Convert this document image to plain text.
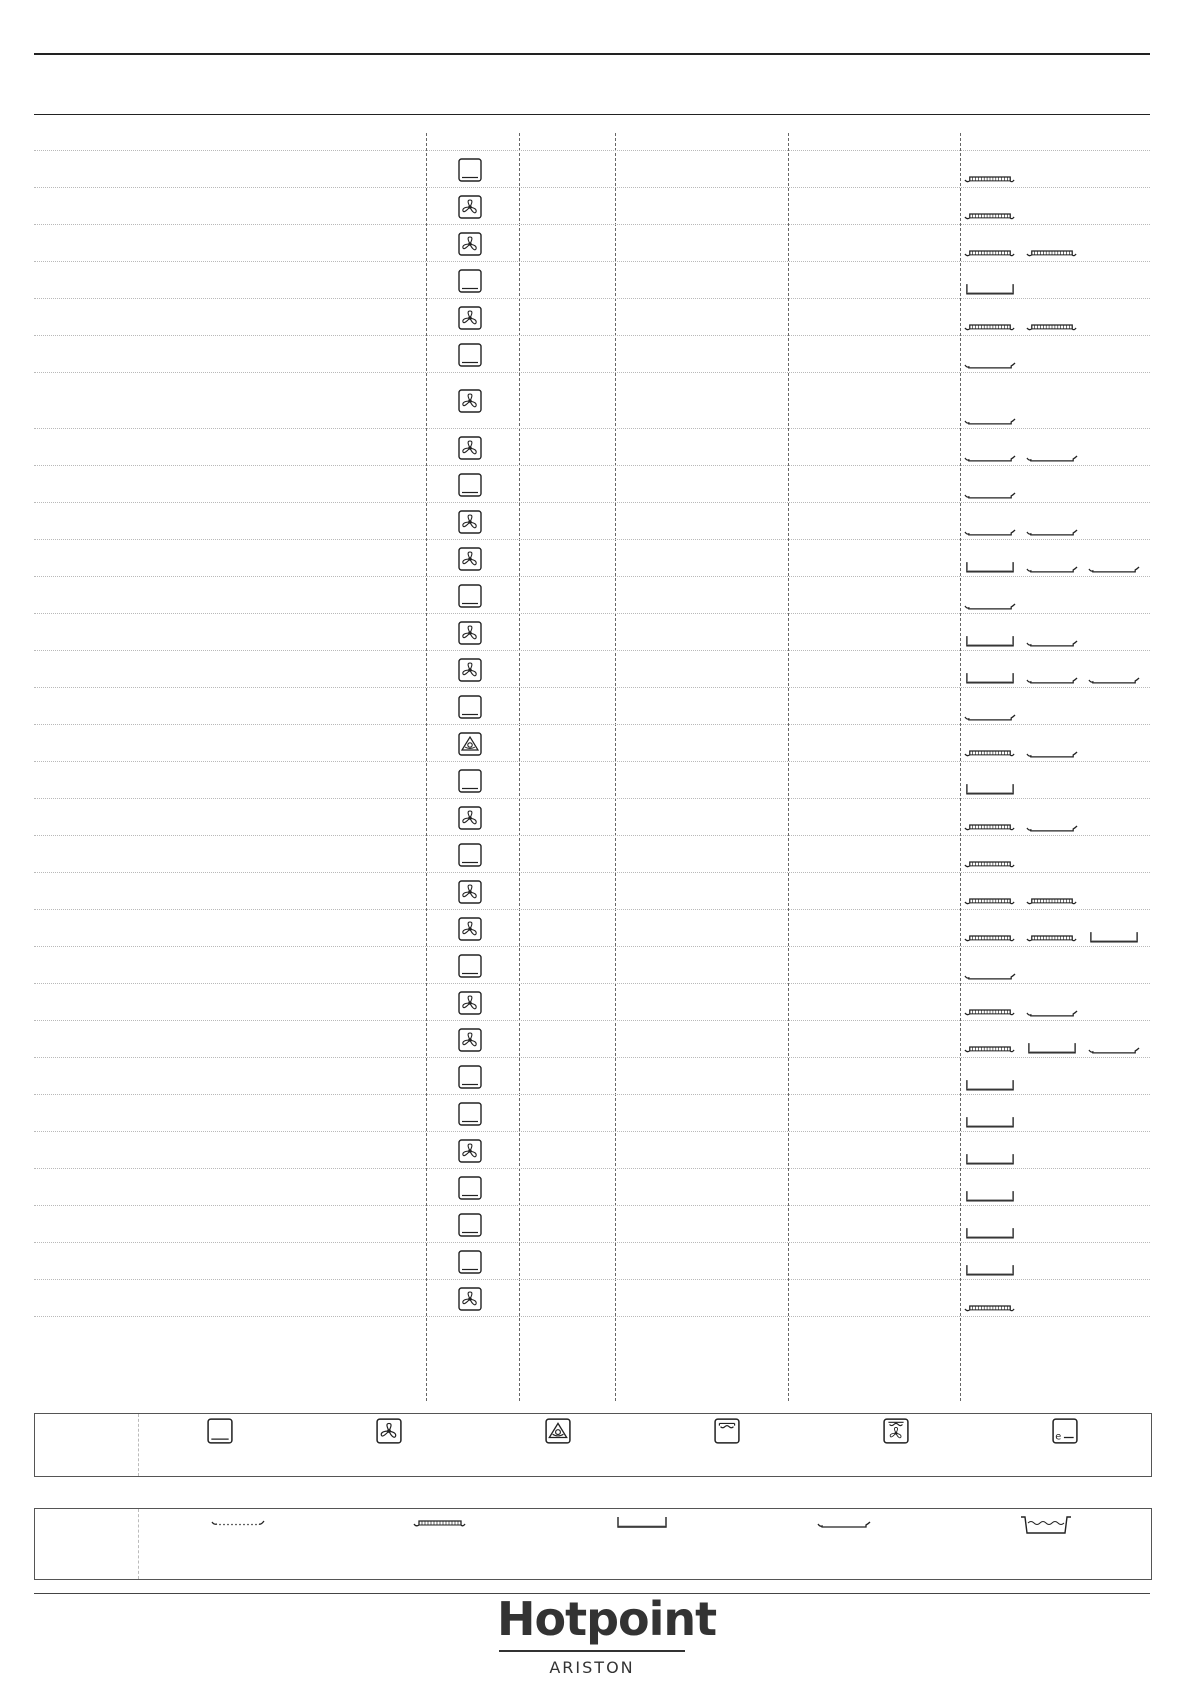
e
Hotpoint
ARISTON
